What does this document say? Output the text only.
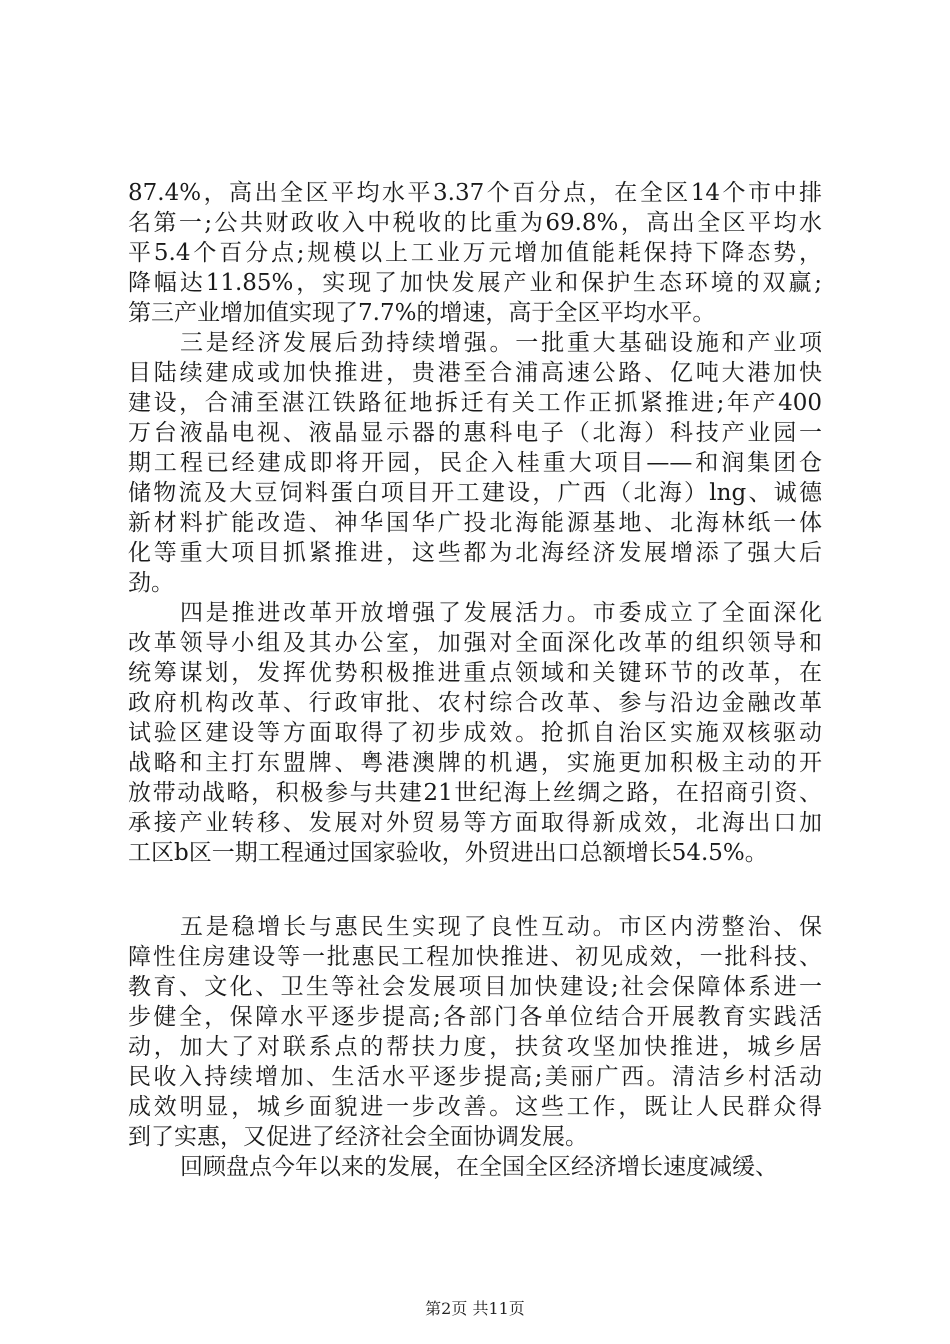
87.4%，高出全区平均水平3.37个百分点，在全区14个市中排
名第一;公共财政收入中税收的比重为69.8%，高出全区平均水
平5.4个百分点;规模以上工业万元增加值能耗保持下降态势，
降幅达11.85%，实现了加快发展产业和保护生态环境的双赢;
第三产业增加值实现了7.7%的增速，高于全区平均水平。
三是经济发展后劲持续增强。一批重大基础设施和产业项
目陆续建成或加快推进，贵港至合浦高速公路、亿吨大港加快
建设，合浦至湛江铁路征地拆迁有关工作正抓紧推进;年产400
万台液晶电视、液晶显示器的惠科电子（北海）科技产业园一
期工程已经建成即将开园，民企入桂重大项目——和润集团仓
储物流及大豆饲料蛋白项目开工建设，广西（北海）lng、诚德
新材料扩能改造、神华国华广投北海能源基地、北海林纸一体
化等重大项目抓紧推进，这些都为北海经济发展增添了强大后
劲。
四是推进改革开放增强了发展活力。市委成立了全面深化
改革领导小组及其办公室，加强对全面深化改革的组织领导和
统筹谋划，发挥优势积极推进重点领域和关键环节的改革，在
政府机构改革、行政审批、农村综合改革、参与沿边金融改革
试验区建设等方面取得了初步成效。抢抓自治区实施双核驱动
战略和主打东盟牌、粤港澳牌的机遇，实施更加积极主动的开
放带动战略，积极参与共建21世纪海上丝绸之路，在招商引资、
承接产业转移、发展对外贸易等方面取得新成效，北海出口加
工区b区一期工程通过国家验收，外贸进出口总额增长54.5%。
五是稳增长与惠民生实现了良性互动。市区内涝整治、保
障性住房建设等一批惠民工程加快推进、初见成效，一批科技、
教育、文化、卫生等社会发展项目加快建设;社会保障体系进一
步健全，保障水平逐步提高;各部门各单位结合开展教育实践活
动，加大了对联系点的帮扶力度，扶贫攻坚加快推进，城乡居
民收入持续增加、生活水平逐步提高;美丽广西。清洁乡村活动
成效明显，城乡面貌进一步改善。这些工作，既让人民群众得
到了实惠，又促进了经济社会全面协调发展。
回顾盘点今年以来的发展，在全国全区经济增长速度减缓、
第2页 共11页
